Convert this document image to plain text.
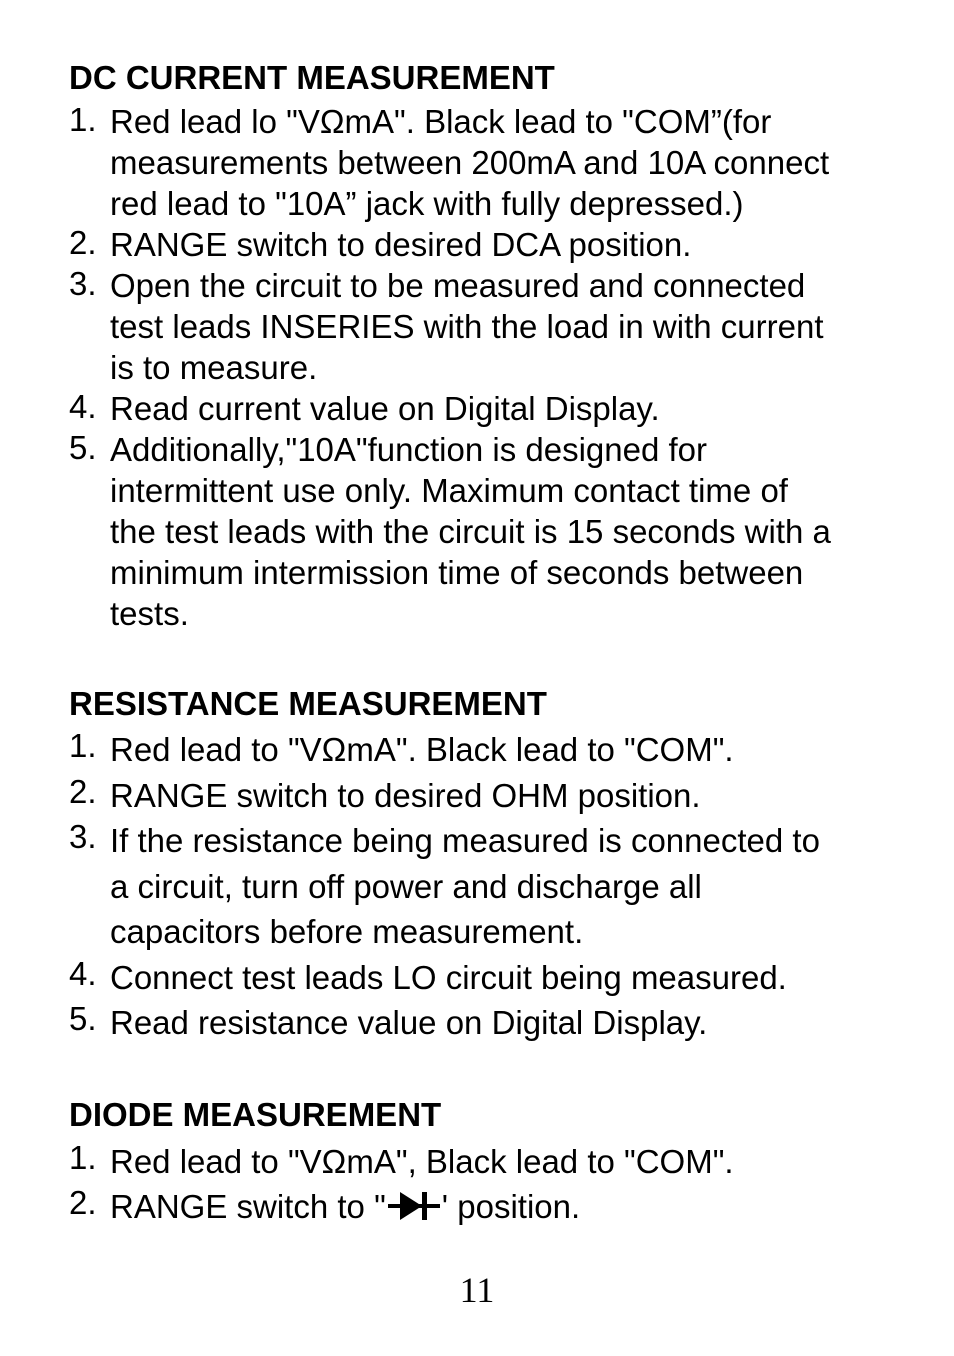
DC CURRENT MEASUREMENT
1. Red lead lo "VΩmA". Black lead to "COM”(for
measurements between 200mA and 10A connect
red lead to "10A” jack with fully depressed.)
2. RANGE switch to desired DCA position.
3. Open the circuit to be measured and connected
test leads INSERIES with the load in with current
is to measure.
4. Read current value on Digital Display.
5. Additionally,"10A"function is designed for
intermittent use only. Maximum contact time of
the test leads with the circuit is 15 seconds with a
minimum intermission time of seconds between
tests.
RESISTANCE MEASUREMENT
1. Red lead to "VΩmA". Black lead to "COM".
2. RANGE switch to desired OHM position.
3. If the resistance being measured is connected to
a circuit, turn off power and discharge all
capacitors before measurement.
4. Connect test leads LO circuit being measured.
5. Read resistance value on Digital Display.
DIODE MEASUREMENT
1. Red lead to "VΩmA", Black lead to "COM".
2. RANGE switch to " ' position.
11
